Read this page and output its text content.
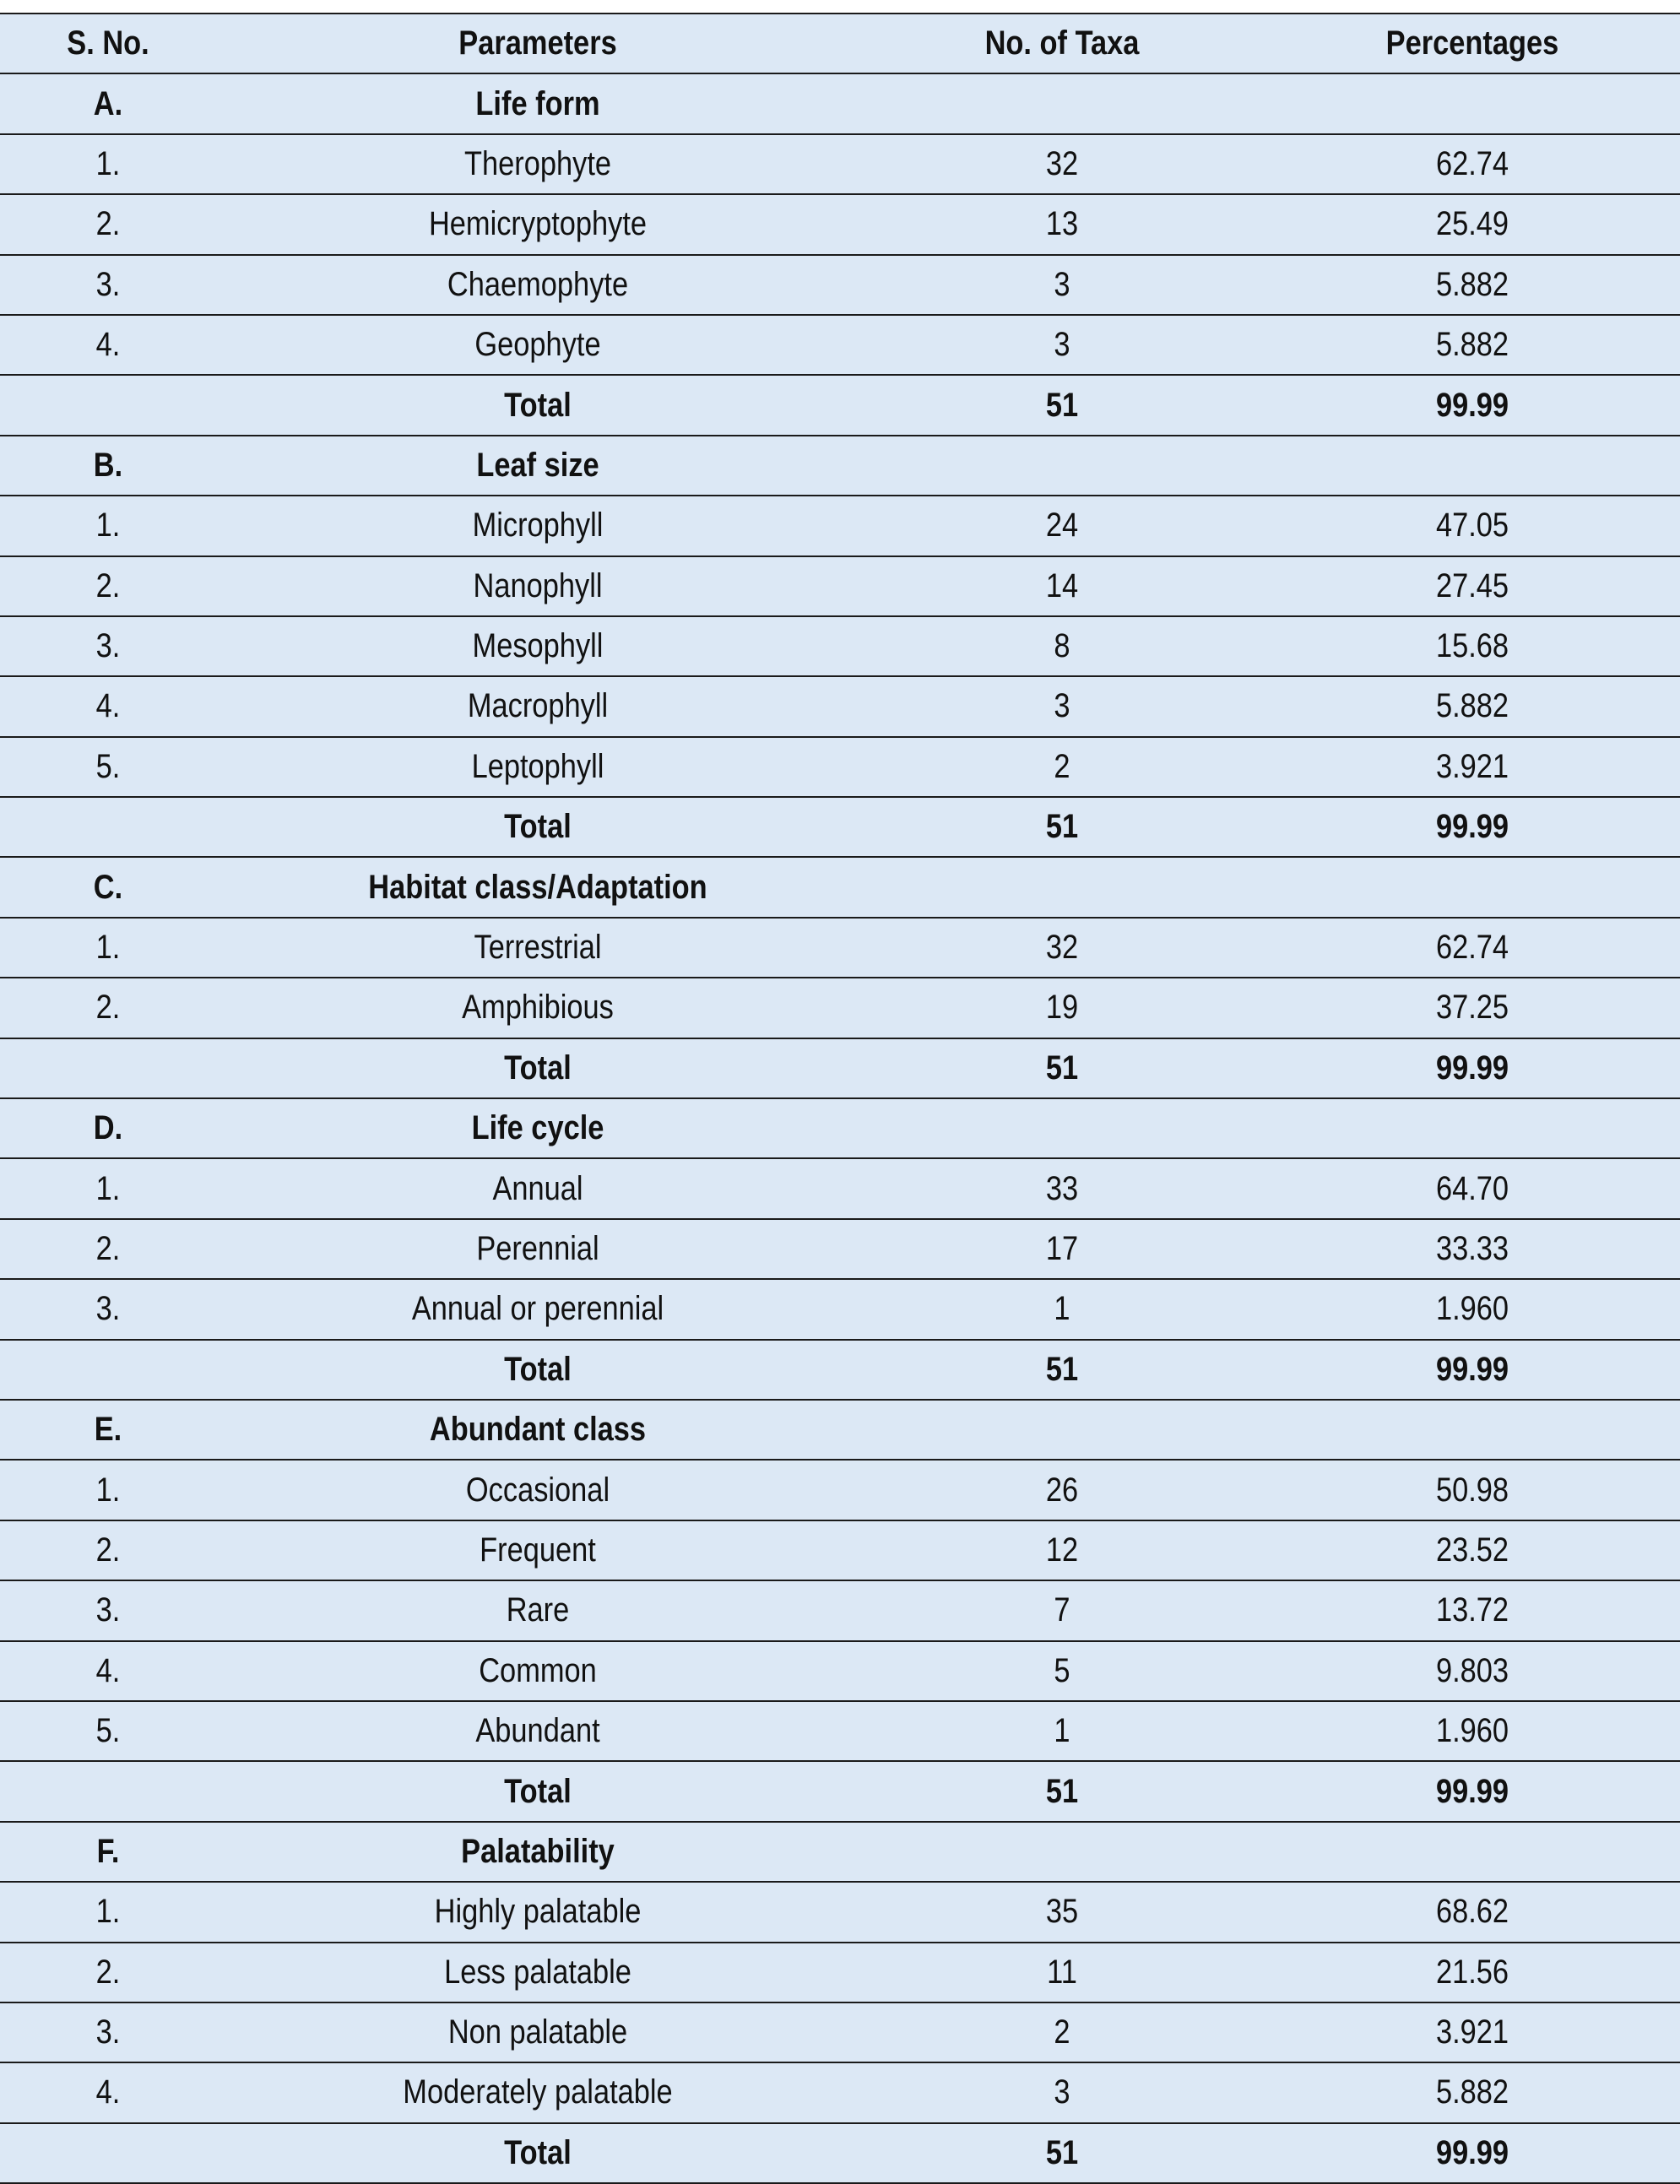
S. No.	Parameters	No. of Taxa	Percentages
A.	Life form		
1.	Therophyte	32	62.74
2.	Hemicryptophyte	13	25.49
3.	Chaemophyte	3	5.882
4.	Geophyte	3	5.882
	Total	51	99.99
B.	Leaf size		
1.	Microphyll	24	47.05
2.	Nanophyll	14	27.45
3.	Mesophyll	8	15.68
4.	Macrophyll	3	5.882
5.	Leptophyll	2	3.921
	Total	51	99.99
C.	Habitat class/Adaptation		
1.	Terrestrial	32	62.74
2.	Amphibious	19	37.25
	Total	51	99.99
D.	Life cycle		
1.	Annual	33	64.70
2.	Perennial	17	33.33
3.	Annual or perennial	1	1.960
	Total	51	99.99
E.	Abundant class		
1.	Occasional	26	50.98
2.	Frequent	12	23.52
3.	Rare	7	13.72
4.	Common	5	9.803
5.	Abundant	1	1.960
	Total	51	99.99
F.	Palatability		
1.	Highly palatable	35	68.62
2.	Less palatable	11	21.56
3.	Non palatable	2	3.921
4.	Moderately palatable	3	5.882
	Total	51	99.99
